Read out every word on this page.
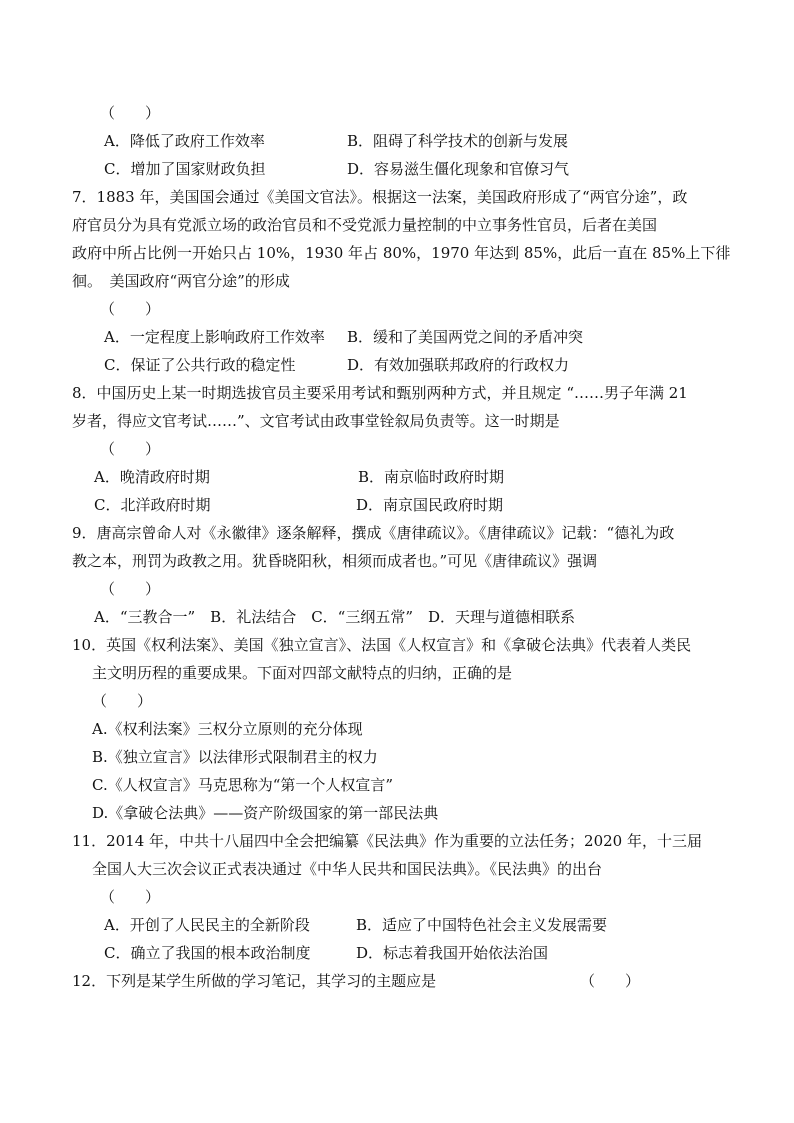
（　　）
A．降低了政府工作效率	B．阻碍了科学技术的创新与发展
C．增加了国家财政负担	D．容易滋生僵化现象和官僚习气
7．1883 年，美国国会通过《美国文官法》。根据这一法案，美国政府形成了“两官分途”，政
府官员分为具有党派立场的政治官员和不受党派力量控制的中立事务性官员，后者在美国
政府中所占比例一开始只占 10%，1930 年占 80%，1970 年达到 85%，此后一直在 85%上下徘
徊。　美国政府“两官分途”的形成
（　　）
A．一定程度上影响政府工作效率 B．缓和了美国两党之间的矛盾冲突
C．保证了公共行政的稳定性	D．有效加强联邦政府的行政权力
8．中国历史上某一时期选拔官员主要采用考试和甄别两种方式，并且规定 “……男子年满 21
岁者，得应文官考试……”、文官考试由政事堂铨叙局负责等。这一时期是
（　　）
A．晚清政府时期	B．南京临时政府时期
C．北洋政府时期	D．南京国民政府时期
9．唐高宗曾命人对《永徽律》逐条解释，撰成《唐律疏议》。《唐律疏议》记载：“德礼为政
教之本，刑罚为政教之用。犹昏晓阳秋，相须而成者也。”可见《唐律疏议》强调
（　　）
A．“三教合一”　B．礼法结合　C．“三纲五常”　D．天理与道德相联系
10．英国《权利法案》、美国《独立宣言》、法国《人权宣言》和《拿破仑法典》代表着人类民
主文明历程的重要成果。下面对四部文献特点的归纳，正确的是
（　　）
A.《权利法案》三权分立原则的充分体现
B.《独立宣言》以法律形式限制君主的权力
C.《人权宣言》马克思称为“第一个人权宣言”
D.《拿破仑法典》——资产阶级国家的第一部民法典
11．2014 年，中共十八届四中全会把编纂《民法典》作为重要的立法任务；2020 年，十三届
全国人大三次会议正式表决通过《中华人民共和国民法典》。《民法典》的出台
（　　）
A．开创了人民民主的全新阶段	B．适应了中国特色社会主义发展需要
C．确立了我国的根本政治制度	D．标志着我国开始依法治国
12．下列是某学生所做的学习笔记，其学习的主题应是	（　　）
